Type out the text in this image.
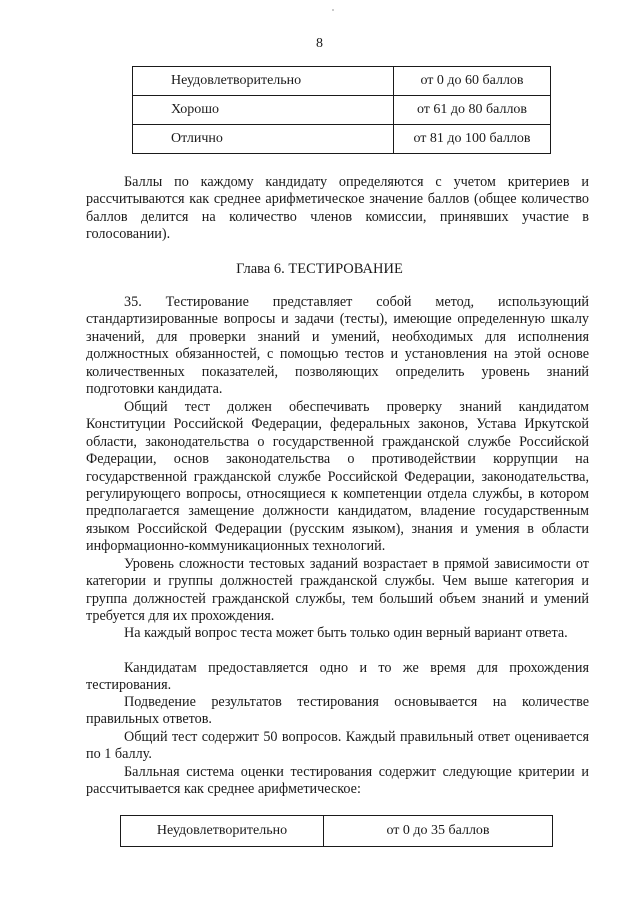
8
Неудовлетворительно	от 0 до 60 баллов
Хорошо	от 61 до 80 баллов
Отлично	от 81 до 100 баллов

Баллы по каждому кандидату определяются с учетом критериев и рассчитываются как среднее арифметическое значение баллов (общее количество баллов делится на количество членов комиссии, принявших участие в голосовании).

Глава 6. ТЕСТИРОВАНИЕ

35. Тестирование представляет собой метод, использующий стандартизированные вопросы и задачи (тесты), имеющие определенную шкалу значений, для проверки знаний и умений, необходимых для исполнения должностных обязанностей, с помощью тестов и установления на этой основе количественных показателей, позволяющих определить уровень знаний подготовки кандидата.

Общий тест должен обеспечивать проверку знаний кандидатом Конституции Российской Федерации, федеральных законов, Устава Иркутской области, законодательства о государственной гражданской службе Российской Федерации, основ законодательства о противодействии коррупции на государственной гражданской службе Российской Федерации, законодательства, регулирующего вопросы, относящиеся к компетенции отдела службы, в котором предполагается замещение должности кандидатом, владение государственным языком Российской Федерации (русским языком), знания и умения в области информационно-коммуникационных технологий.

Уровень сложности тестовых заданий возрастает в прямой зависимости от категории и группы должностей гражданской службы. Чем выше категория и группа должностей гражданской службы, тем больший объем знаний и умений требуется для их прохождения.

На каждый вопрос теста может быть только один верный вариант ответа.

Кандидатам предоставляется одно и то же время для прохождения тестирования.

Подведение результатов тестирования основывается на количестве правильных ответов.

Общий тест содержит 50 вопросов. Каждый правильный ответ оценивается по 1 баллу.

Балльная система оценки тестирования содержит следующие критерии и рассчитывается как среднее арифметическое:

Неудовлетворительно	от 0 до 35 баллов
